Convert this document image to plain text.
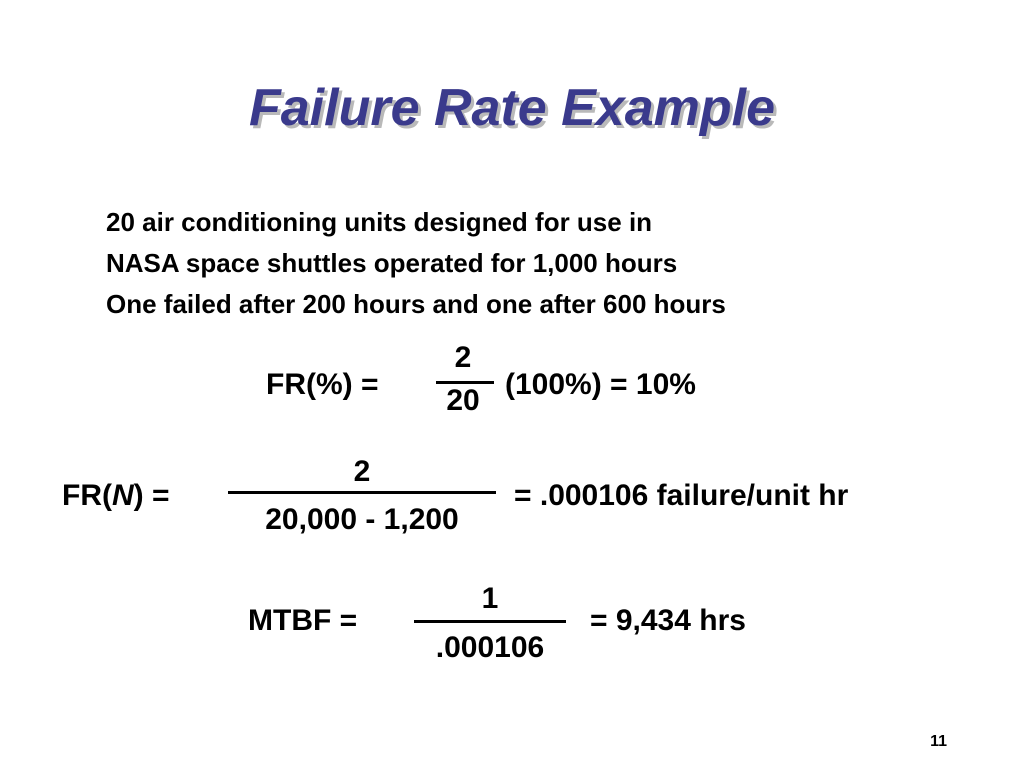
Failure Rate Example
20 air conditioning units designed for use in
NASA space shuttles operated for 1,000 hours
One failed after 200 hours and one after 600 hours
FR(%) =
2
20 (100%) = 10%
FR(N) =
2
20,000 - 1,200
= .000106 failure/unit hr
MTBF =
1
.000106
= 9,434 hrs
11
